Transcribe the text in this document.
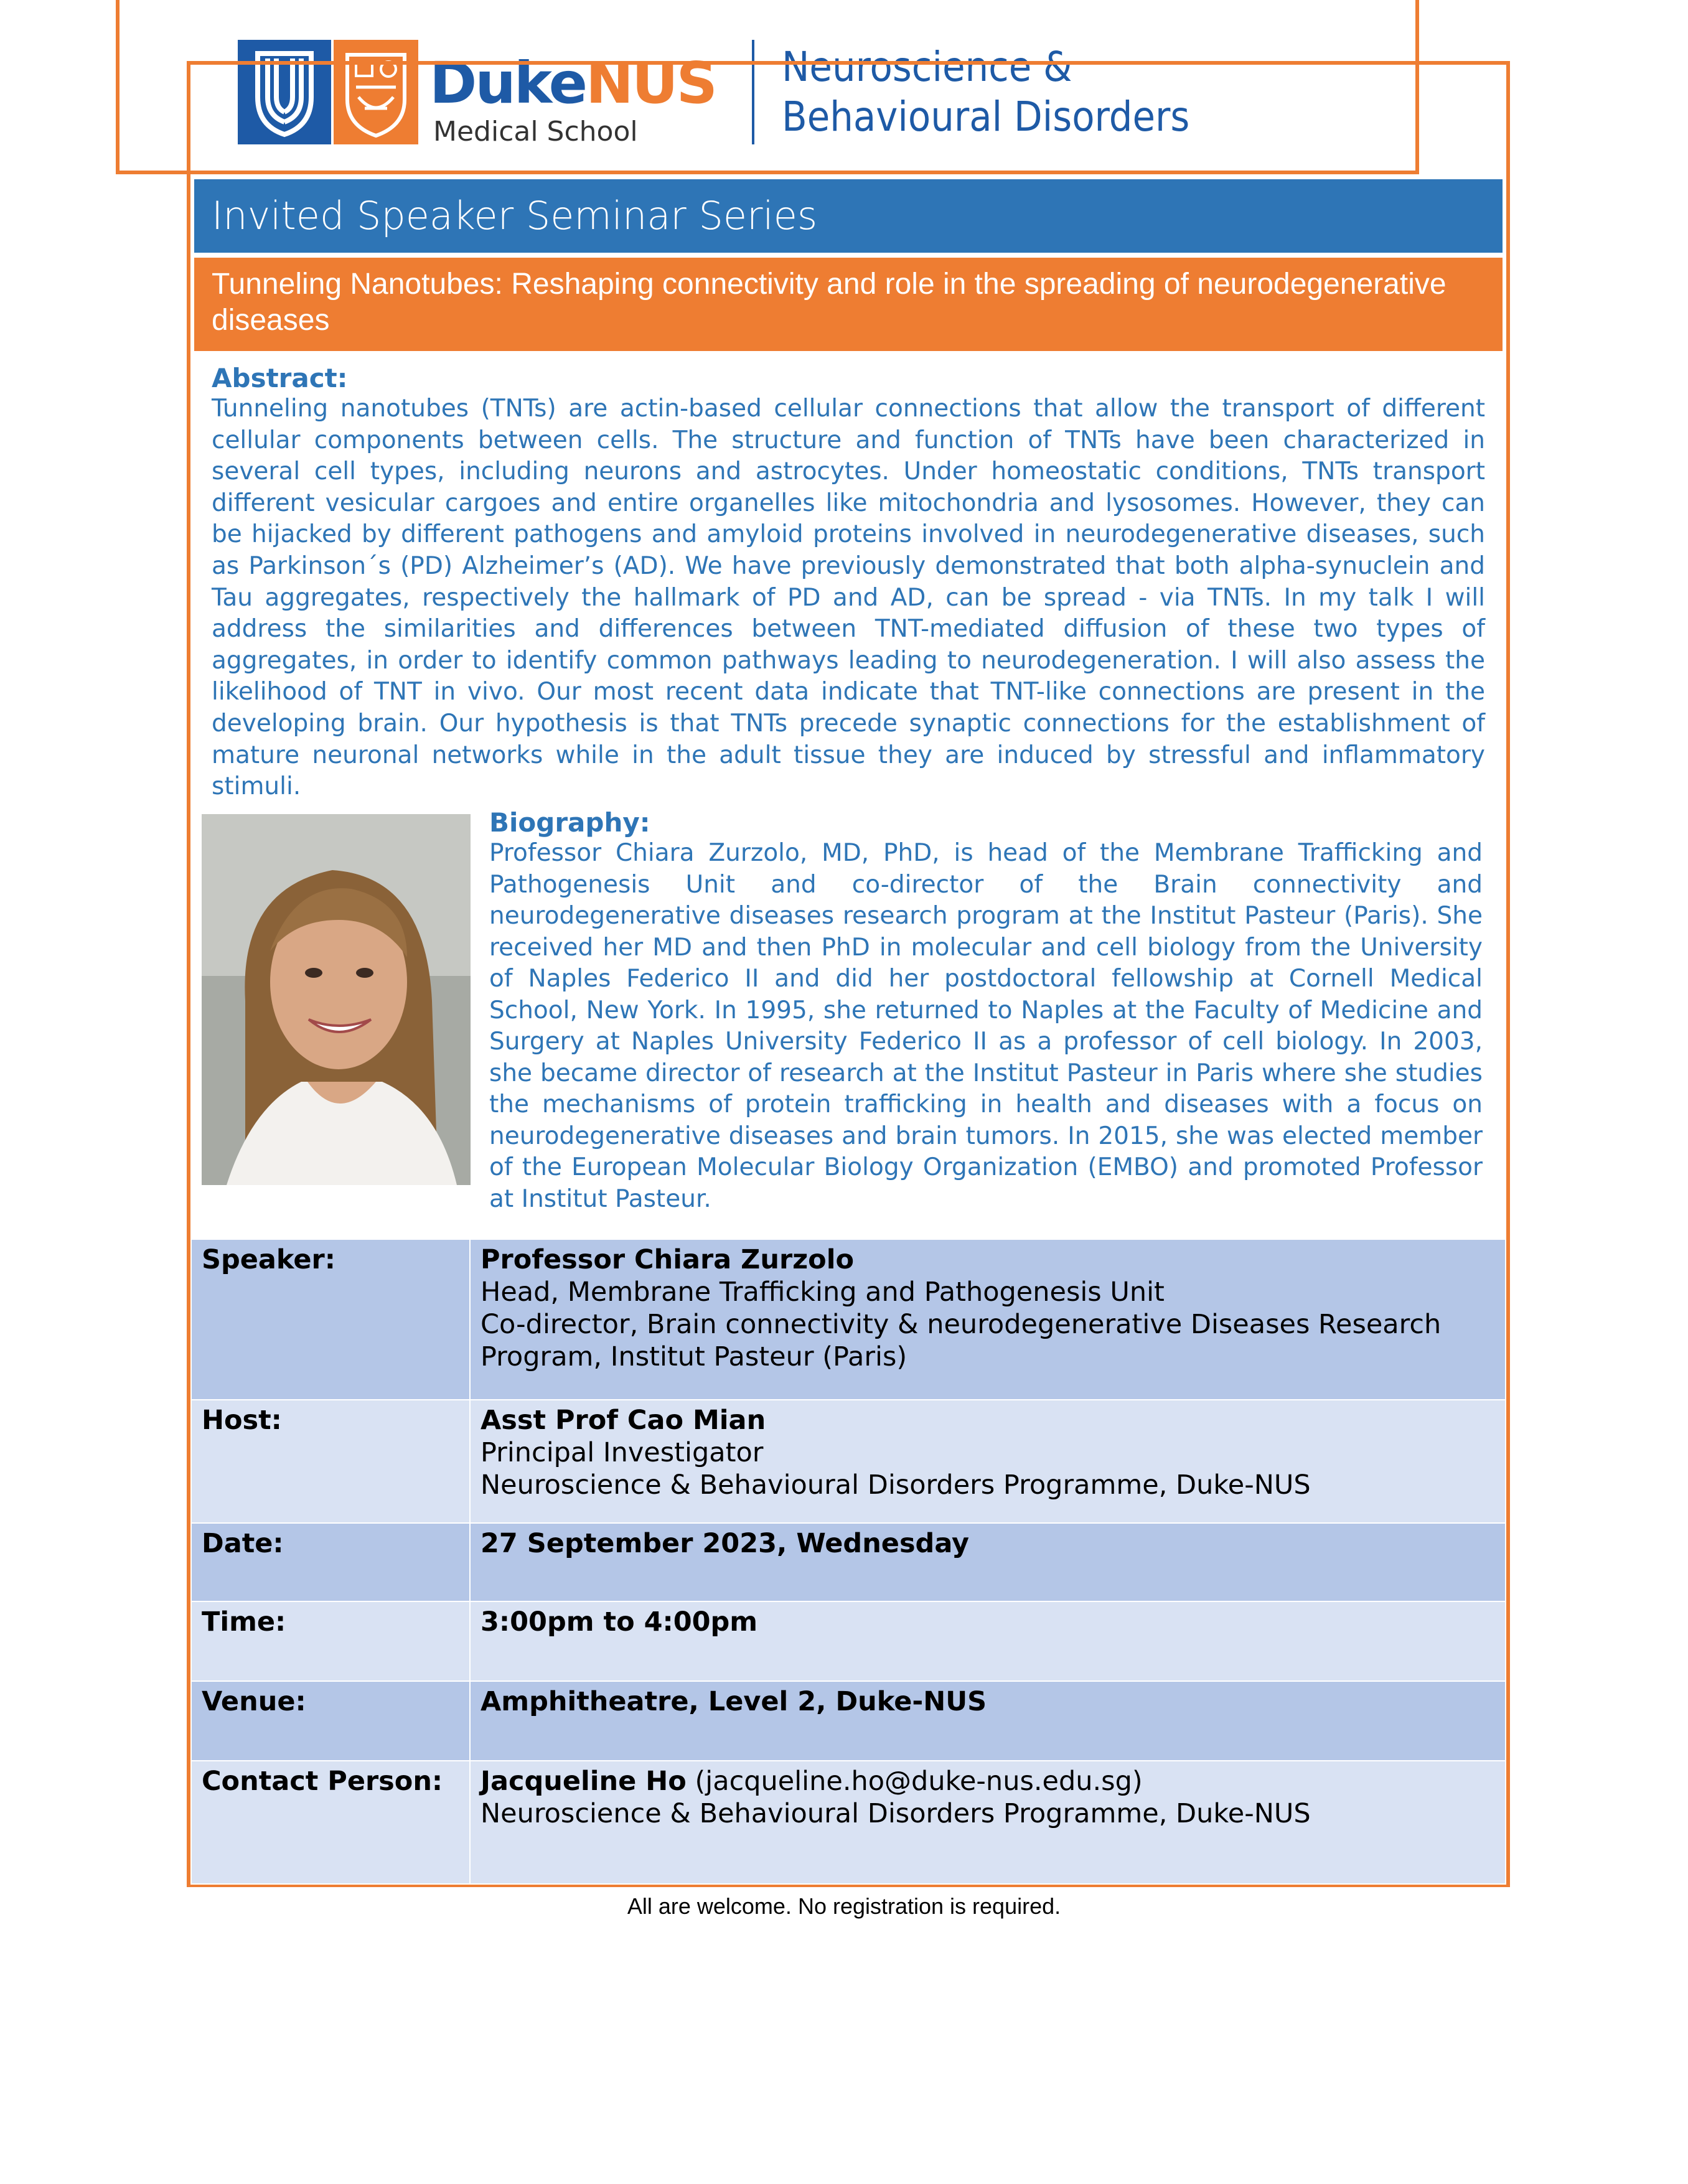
DukeNUS
Medical School
Neuroscience &
Behavioural Disorders
Invited Speaker Seminar Series
Tunneling Nanotubes: Reshaping connectivity and role in the spreading of neurodegenerative diseases
Abstract:

Tunneling nanotubes (TNTs) are actin-based cellular connections that allow the transport of different cellular components between cells. The structure and function of TNTs have been characterized in several cell types, including neurons and astrocytes. Under homeostatic conditions, TNTs transport different vesicular cargoes and entire organelles like mitochondria and lysosomes. However, they can be hijacked by different pathogens and amyloid proteins involved in neurodegenerative diseases, such as Parkinson´s (PD) Alzheimer’s (AD). We have previously demonstrated that both alpha-synuclein and Tau aggregates, respectively the hallmark of PD and AD, can be spread - via TNTs. In my talk I will address the similarities and differences between TNT-mediated diffusion of these two types of aggregates, in order to identify common pathways leading to neurodegeneration. I will also assess the likelihood of TNT in vivo. Our most recent data indicate that TNT-like connections are present in the developing brain. Our hypothesis is that TNTs precede synaptic connections for the establishment of mature neuronal networks while in the adult tissue they are induced by stressful and inflammatory stimuli.

Biography:

Professor Chiara Zurzolo, MD, PhD, is head of the Membrane Trafficking and Pathogenesis Unit and co-director of the Brain connectivity and neurodegenerative diseases research program at the Institut Pasteur (Paris). She received her MD and then PhD in molecular and cell biology from the University of Naples Federico II and did her postdoctoral fellowship at Cornell Medical School, New York. In 1995, she returned to Naples at the Faculty of Medicine and Surgery at Naples University Federico II as a professor of cell biology. In 2003, she became director of research at the Institut Pasteur in Paris where she studies the mechanisms of protein trafficking in health and diseases with a focus on neurodegenerative diseases and brain tumors. In 2015, she was elected member of the European Molecular Biology Organization (EMBO) and promoted Professor at Institut Pasteur.

Speaker:	Professor Chiara Zurzolo
Head, Membrane Trafficking and Pathogenesis Unit
Co-director, Brain connectivity & neurodegenerative Diseases Research Program, Institut Pasteur (Paris)

Host:	Asst Prof Cao Mian
Principal Investigator
Neuroscience & Behavioural Disorders Programme, Duke-NUS

Date:	27 September 2023, Wednesday
Time:	3:00pm to 4:00pm
Venue:	Amphitheatre, Level 2, Duke-NUS
Contact Person:	Jacqueline Ho (jacqueline.ho@duke-nus.edu.sg)
Neuroscience & Behavioural Disorders Programme, Duke-NUS
All are welcome. No registration is required.
